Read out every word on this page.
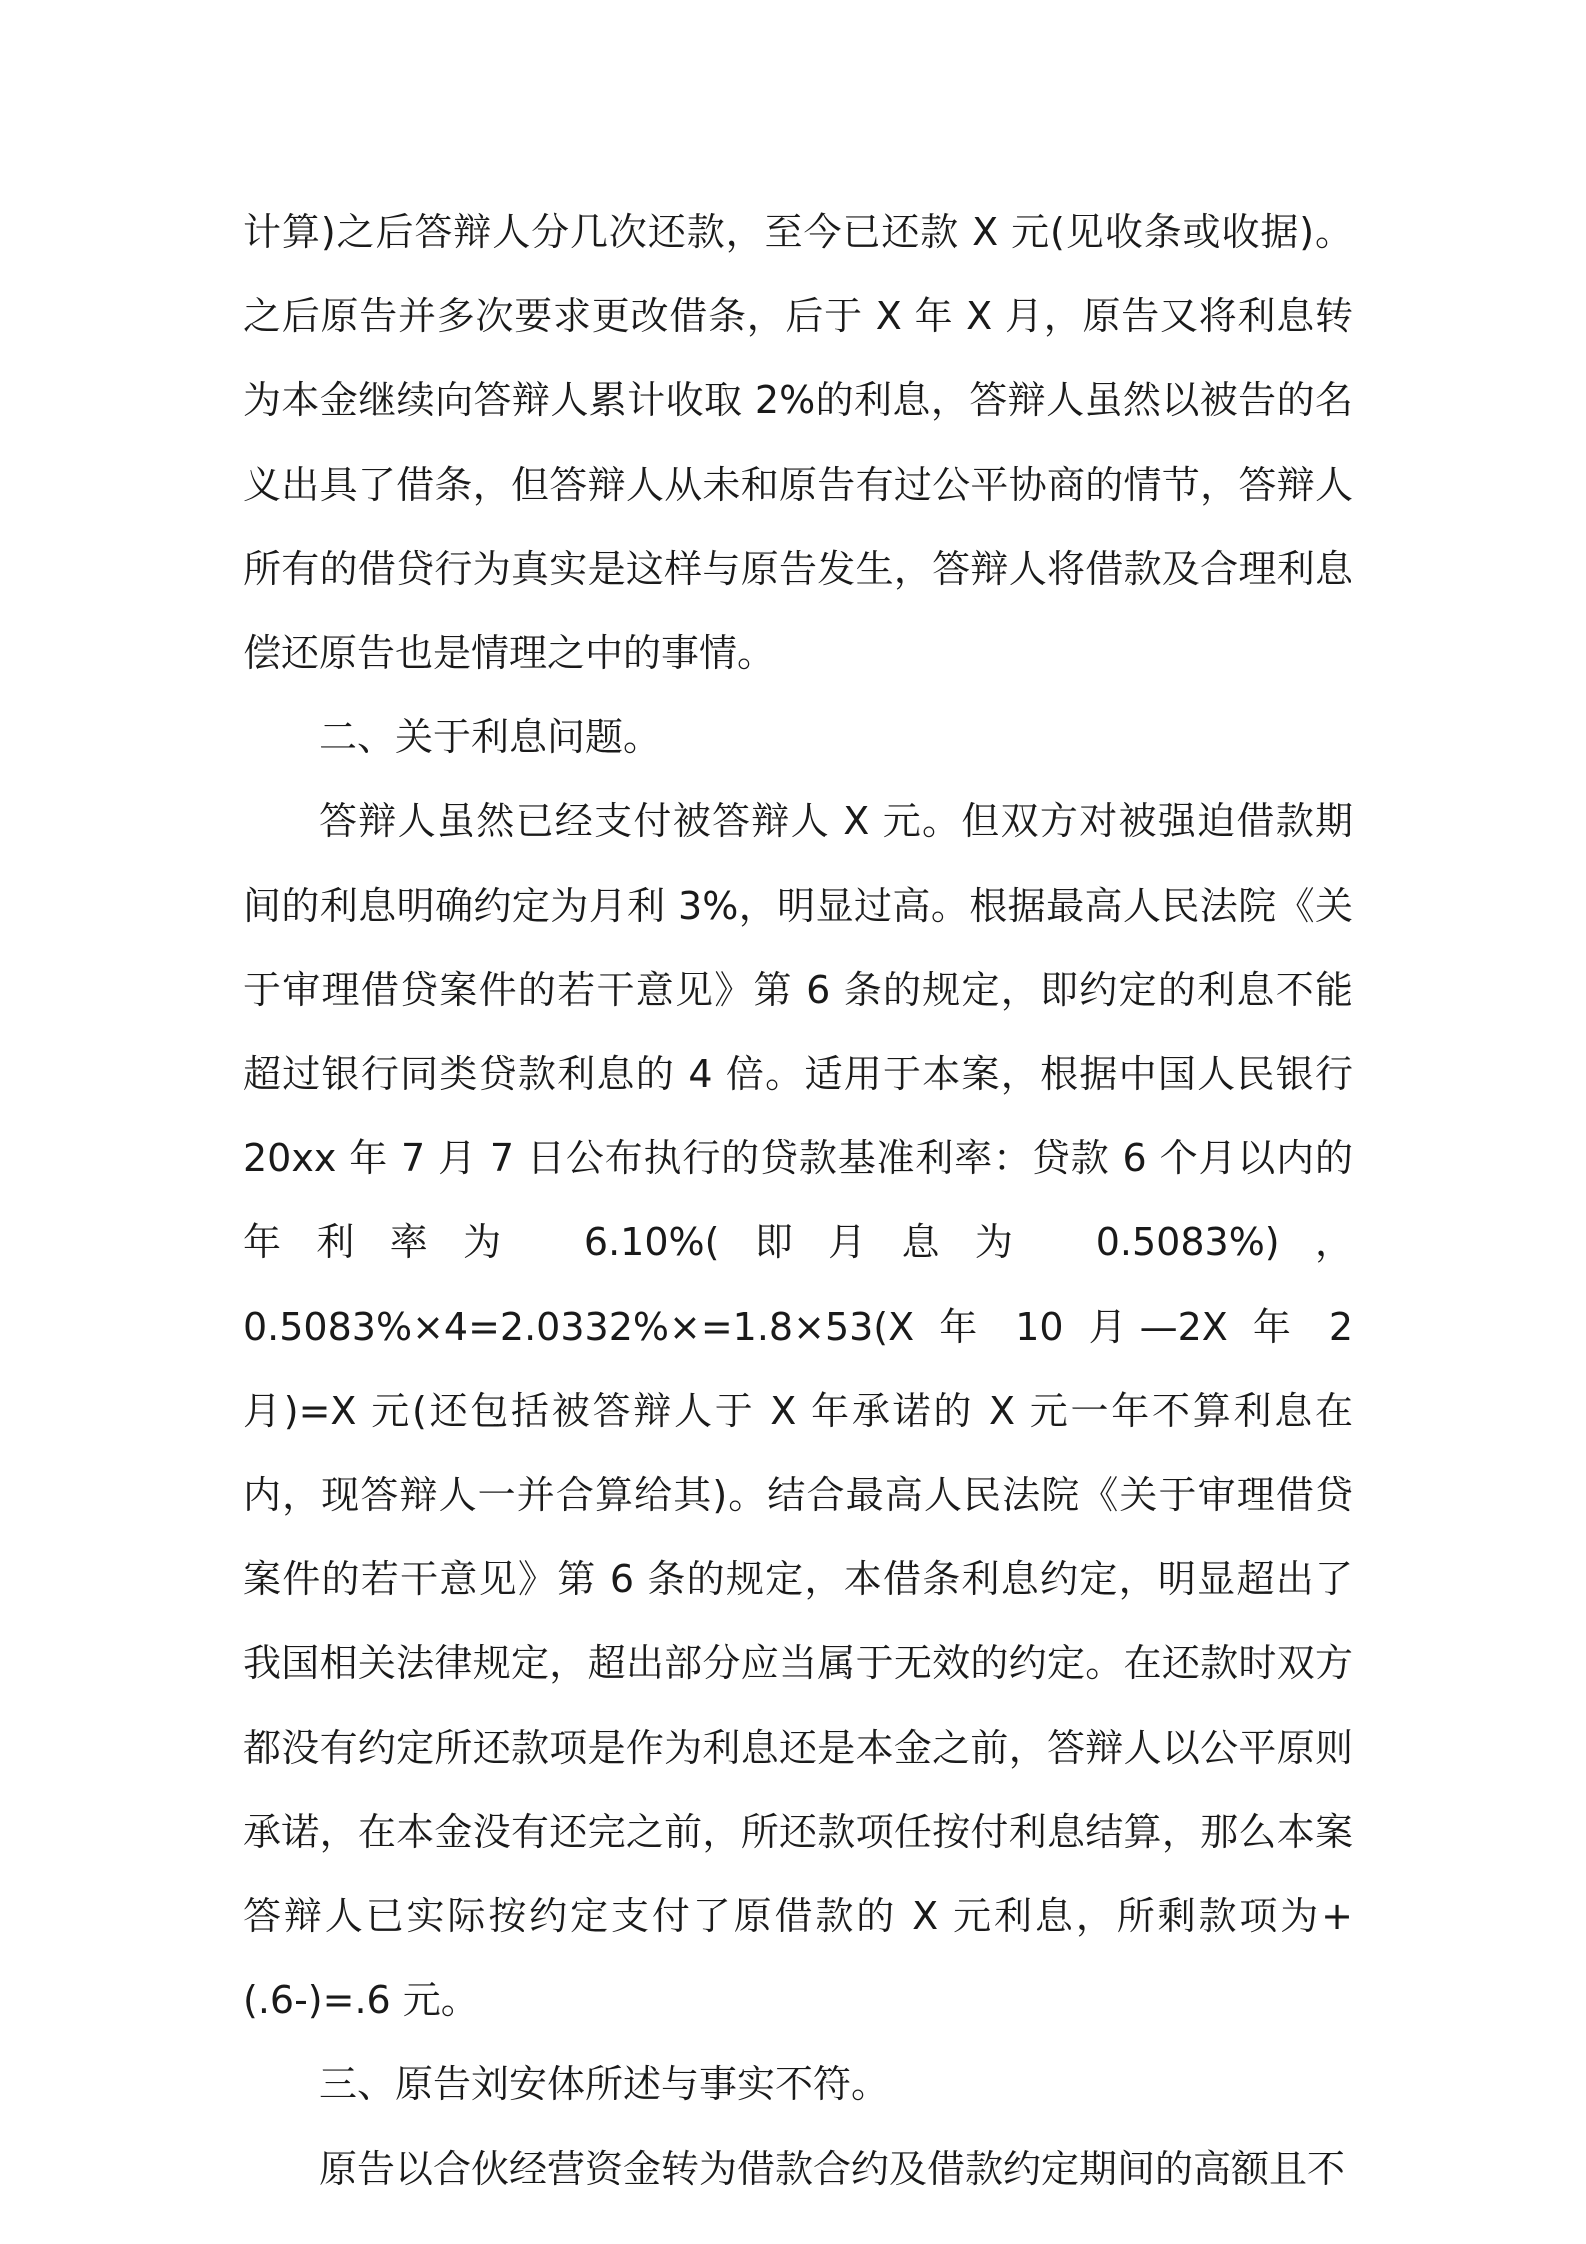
计算)之后答辩人分几次还款，至今已还款 X 元(见收条或收据)。之后原告并多次要求更改借条，后于 X 年 X 月，原告又将利息转为本金继续向答辩人累计收取 2%的利息，答辩人虽然以被告的名义出具了借条，但答辩人从未和原告有过公平协商的情节，答辩人所有的借贷行为真实是这样与原告发生，答辩人将借款及合理利息偿还原告也是情理之中的事情。

二、关于利息问题。

答辩人虽然已经支付被答辩人 X 元。但双方对被强迫借款期间的利息明确约定为月利 3%，明显过高。根据最高人民法院《关于审理借贷案件的若干意见》第 6 条的规定，即约定的利息不能超过银行同类贷款利息的 4 倍。适用于本案，根据中国人民银行 20xx 年 7 月 7 日公布执行的贷款基准利率：贷款 6 个月以内的年利率为 6.10%(即月息为 0.5083%)，0.5083%×4=2.0332%×=1.8×53(X 年 10 月—2X 年 2 月)=X 元(还包括被答辩人于 X 年承诺的 X 元一年不算利息在内，现答辩人一并合算给其)。结合最高人民法院《关于审理借贷案件的若干意见》第 6 条的规定，本借条利息约定，明显超出了我国相关法律规定，超出部分应当属于无效的约定。在还款时双方都没有约定所还款项是作为利息还是本金之前，答辩人以公平原则承诺，在本金没有还完之前，所还款项任按付利息结算，那么本案答辩人已实际按约定支付了原借款的 X 元利息，所剩款项为+(.6-)=.6 元。

三、原告刘安体所述与事实不符。

原告以合伙经营资金转为借款合约及借款约定期间的高额且不
